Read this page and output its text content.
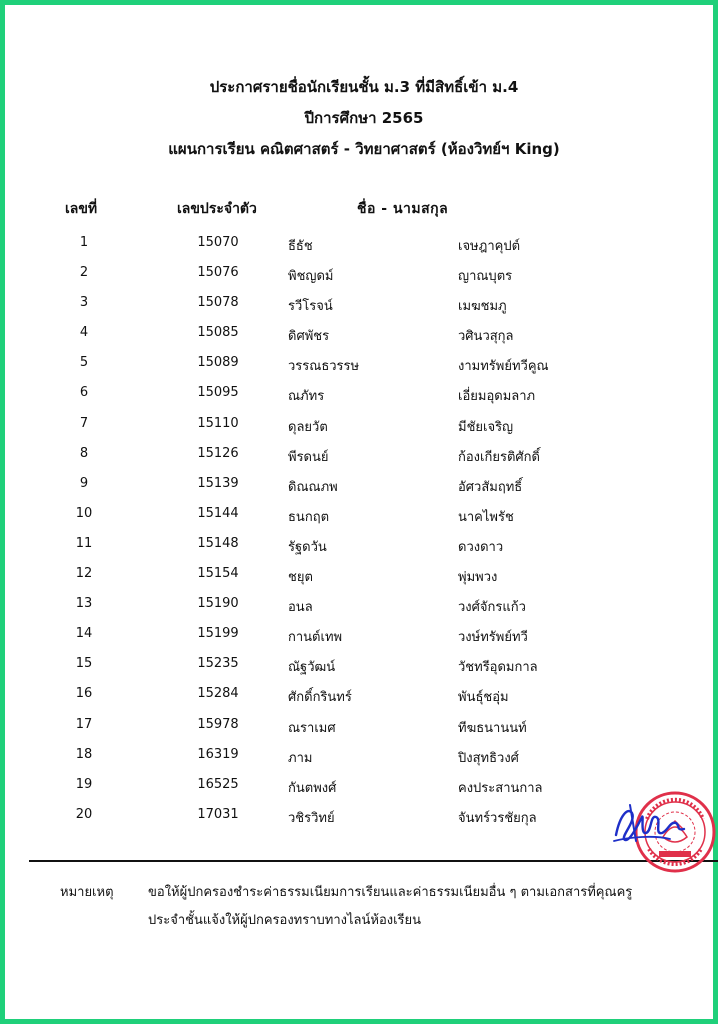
ประกาศรายชื่อนักเรียนชั้น ม.3 ที่มีสิทธิ์เข้า ม.4
ปีการศึกษา 2565
แผนการเรียน คณิตศาสตร์ - วิทยาศาสตร์ (ห้องวิทย์ฯ King)
เลขที่	เลขประจำตัว	ชื่อ - นามสกุล
1	15070	ธีธัช	เจษฎาคุปต์
2	15076	พิชญดม์	ญาณบุตร
3	15078	รวีโรจน์	เมฆชมภู
4	15085	ดิศพัชร	วศินวสุกุล
5	15089	วรรณธวรรษ	งามทรัพย์ทวีคูณ
6	15095	ณภัทร	เอี่ยมอุดมลาภ
7	15110	ดุลยวัต	มีชัยเจริญ
8	15126	พีรดนย์	ก้องเกียรติศักดิ์
9	15139	ดิณณภพ	อัศวสัมฤทธิ์
10	15144	ธนกฤต	นาคไพรัช
11	15148	รัฐดวัน	ดวงดาว
12	15154	ชยุต	พุ่มพวง
13	15190	อนล	วงศ์จักรแก้ว
14	15199	กานต์เทพ	วงษ์ทรัพย์ทวี
15	15235	ณัฐวัฒน์	วัชทรีอุดมกาล
16	15284	ศักดิ์กรินทร์	พันธุ์ชอุ่ม
17	15978	ณราเมศ	ทีฆธนานนท์
18	16319	ภาม	ปิงสุทธิวงศ์
19	16525	กันตพงศ์	คงประสานกาล
20	17031	วชิรวิทย์	จันทร์วรชัยกุล
หมายเหตุ	ขอให้ผู้ปกครองชำระค่าธรรมเนียมการเรียนและค่าธรรมเนียมอื่น ๆ ตามเอกสารที่คุณครู
ประจำชั้นแจ้งให้ผู้ปกครองทราบทางไลน์ห้องเรียน
